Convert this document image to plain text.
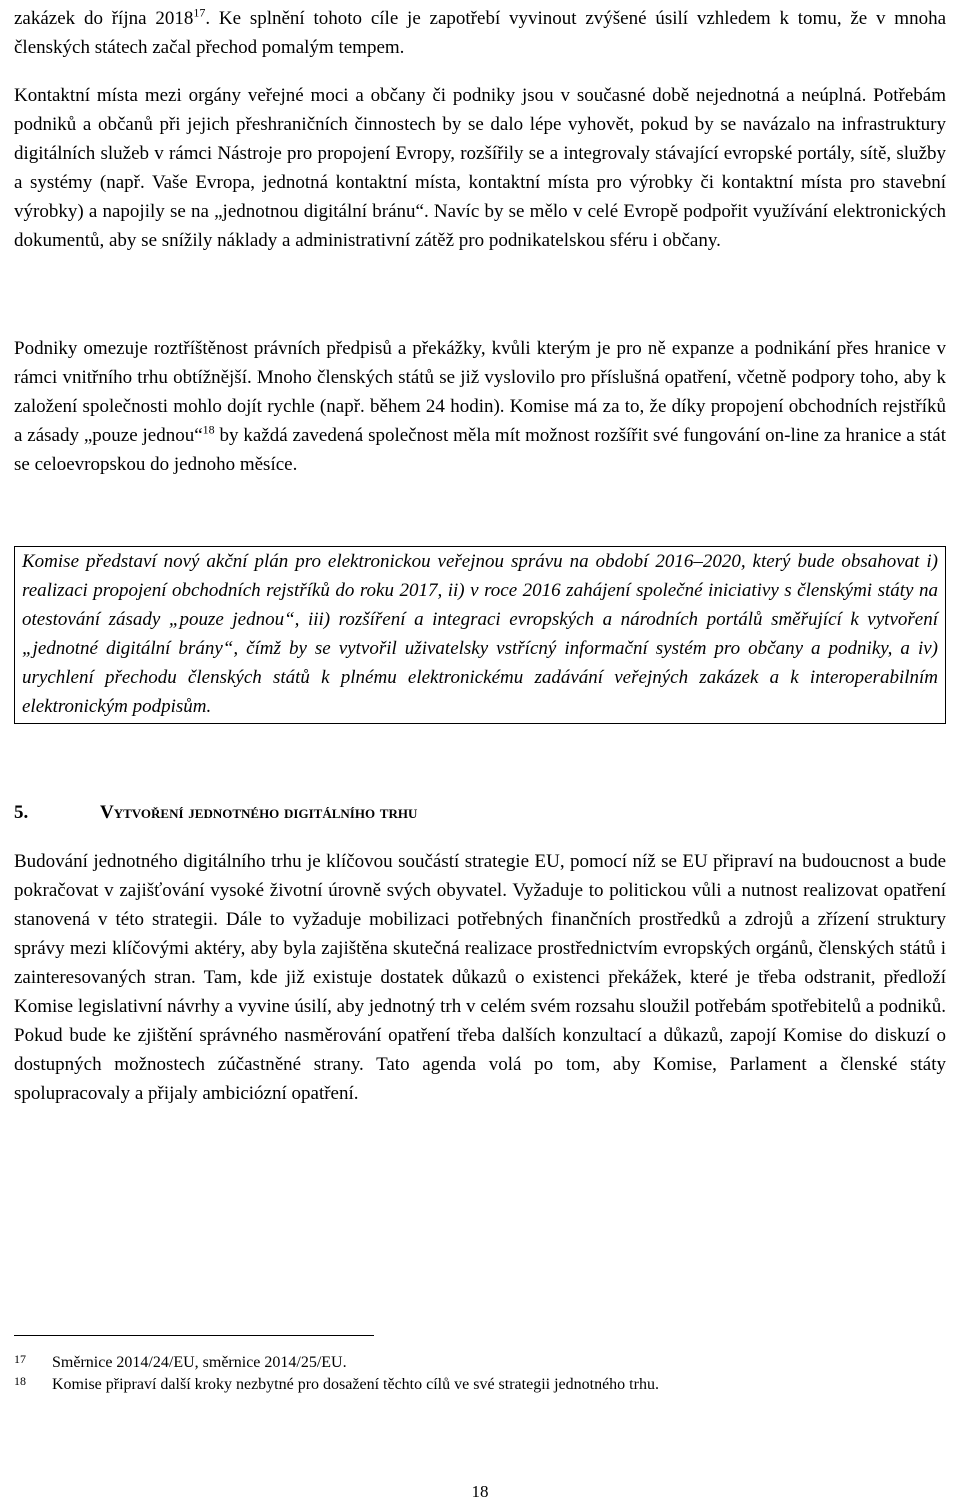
zakázek do října 2018$^{17}$. Ke splnění tohoto cíle je zapotřebí vyvinout zvýšené úsilí vzhledem k tomu, že v mnoha členských státech začal přechod pomalým tempem.

Kontaktní místa mezi orgány veřejné moci a občany či podniky jsou v současné době nejednotná a neúplná. Potřebám podniků a občanů při jejich přeshraničních činnostech by se dalo lépe vyhovět, pokud by se navázalo na infrastruktury digitálních služeb v rámci Nástroje pro propojení Evropy, rozšířily se a integrovaly stávající evropské portály, sítě, služby a systémy (např. Vaše Evropa, jednotná kontaktní místa, kontaktní místa pro výrobky či kontaktní místa pro stavební výrobky) a napojily se na „jednotnou digitální bránu“. Navíc by se mělo v celé Evropě podpořit využívání elektronických dokumentů, aby se snížily náklady a administrativní zátěž pro podnikatelskou sféru i občany.

Podniky omezuje roztříštěnost právních předpisů a překážky, kvůli kterým je pro ně expanze a podnikání přes hranice v rámci vnitřního trhu obtížnější. Mnoho členských států se již vyslovilo pro příslušná opatření, včetně podpory toho, aby k založení společnosti mohlo dojít rychle (např. během 24 hodin). Komise má za to, že díky propojení obchodních rejstříků a zásady „pouze jednou“$^{18}$ by každá zavedená společnost měla mít možnost rozšířit své fungování on-line za hranice a stát se celoevropskou do jednoho měsíce.

Komise představí nový akční plán pro elektronickou veřejnou správu na období 2016–2020, který bude obsahovat i) realizaci propojení obchodních rejstříků do roku 2017, ii) v roce 2016 zahájení společné iniciativy s členskými státy na otestování zásady „pouze jednou“, iii) rozšíření a integraci evropských a národních portálů směřující k vytvoření „jednotné digitální brány“, čímž by se vytvořil uživatelsky vstřícný informační systém pro občany a podniky, a iv) urychlení přechodu členských států k plnému elektronickému zadávání veřejných zakázek a k interoperabilním elektronickým podpisům.

5.	Vytvoření jednotného digitálního trhu

Budování jednotného digitálního trhu je klíčovou součástí strategie EU, pomocí níž se EU připraví na budoucnost a bude pokračovat v zajišťování vysoké životní úrovně svých obyvatel. Vyžaduje to politickou vůli a nutnost realizovat opatření stanovená v této strategii. Dále to vyžaduje mobilizaci potřebných finančních prostředků a zdrojů a zřízení struktury správy mezi klíčovými aktéry, aby byla zajištěna skutečná realizace prostřednictvím evropských orgánů, členských států i zainteresovaných stran. Tam, kde již existuje dostatek důkazů o existenci překážek, které je třeba odstranit, předloží Komise legislativní návrhy a vyvine úsilí, aby jednotný trh v celém svém rozsahu sloužil potřebám spotřebitelů a podniků. Pokud bude ke zjištění správného nasměrování opatření třeba dalších konzultací a důkazů, zapojí Komise do diskuzí o dostupných možnostech zúčastněné strany. Tato agenda volá po tom, aby Komise, Parlament a členské státy spolupracovaly a přijaly ambiciózní opatření.

17	Směrnice 2014/24/EU, směrnice 2014/25/EU.
18	Komise připraví další kroky nezbytné pro dosažení těchto cílů ve své strategii jednotného trhu.
18
